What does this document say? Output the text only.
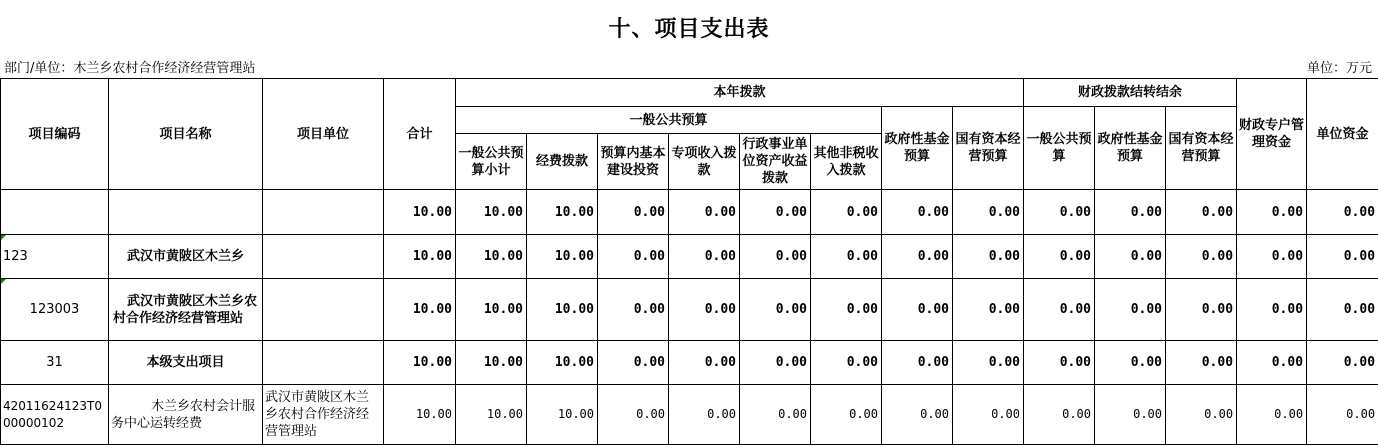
十、项目支出表
部门/单位：木兰乡农村合作经济经营管理站	单位：万元
项目编码	项目名称	项目单位	合计	本年拨款								财政拨款结转结余			财政专户管理资金	单位资金
				一般公共预算						政府性基金预算	国有资本经营预算	一般公共预算	政府性基金预算	国有资本经营预算		
				一般公共预算小计	经费拨款	预算内基本建设投资	专项收入拨款	行政事业单位资产收益拨款	其他非税收入拨款							
			10.00	10.00	10.00	0.00	0.00	0.00	0.00	0.00	0.00	0.00	0.00	0.00	0.00	0.00
123	武汉市黄陂区木兰乡		10.00	10.00	10.00	0.00	0.00	0.00	0.00	0.00	0.00	0.00	0.00	0.00	0.00	0.00
123003	武汉市黄陂区木兰乡农村合作经济经营管理站		10.00	10.00	10.00	0.00	0.00	0.00	0.00	0.00	0.00	0.00	0.00	0.00	0.00	0.00
31	本级支出项目		10.00	10.00	10.00	0.00	0.00	0.00	0.00	0.00	0.00	0.00	0.00	0.00	0.00	0.00
42011624123T000000102	木兰乡农村会计服务中心运转经费	武汉市黄陂区木兰乡农村合作经济经营管理站	10.00	10.00	10.00	0.00	0.00	0.00	0.00	0.00	0.00	0.00	0.00	0.00	0.00	0.00
